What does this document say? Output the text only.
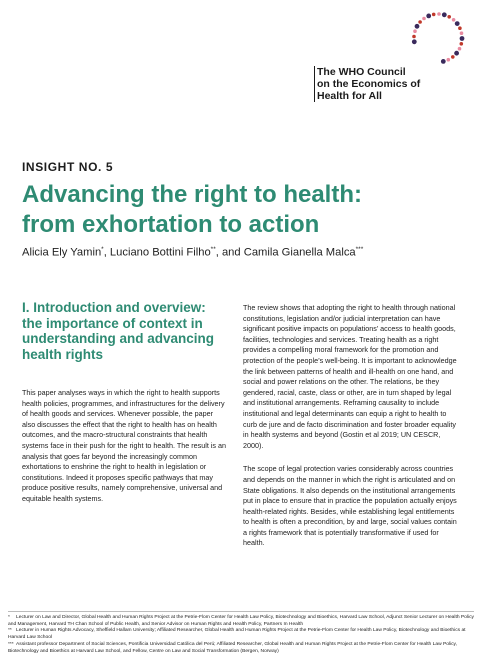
The WHO Council
on the Economics of
Health for All
INSIGHT NO. 5
Advancing the right to health:
from exhortation to action
Alicia Ely Yamin*, Luciano Bottini Filho**, and Camila Gianella Malca***
I. Introduction and overview: the importance of context in understanding and advancing health rights
This paper analyses ways in which the right to health supports health policies, programmes, and infrastructures for the delivery of health goods and services. Whenever possible, the paper also discusses the effect that the right to health has on health outcomes, and the macro-structural constraints that health systems face in their push for the right to health. The result is an analysis that goes far beyond the increasingly common exhortations to enshrine the right to health in legislation or constitutions. Indeed it proposes specific pathways that may produce positive results, namely comprehensive, universal and equitable health systems.

The review shows that adopting the right to health through national constitutions, legislation and/or judicial interpretation can have significant positive impacts on populations’ access to health goods, facilities, technologies and services. Treating health as a right provides a compelling moral framework for the promotion and protection of the people’s well-being. It is important to acknowledge the link between patterns of health and ill-health on one hand, and social and power relations on the other. The relations, be they gendered, racial, caste, class or other, are in turn shaped by legal and institutional arrangements. Reframing causality to include institutional and legal determinants can equip a right to health to curb de jure and de facto discrimination and foster broader equality in health systems and beyond (Gostin et al 2019; UN CESCR, 2000).

The scope of legal protection varies considerably across countries and depends on the manner in which the right is articulated and on State obligations. It also depends on the institutional arrangements put in place to ensure that in practice the population actually enjoys health-related rights. Besides, while establishing legal entitlements to health is often a precondition, by and large, social values contain a rights framework that is potentially transformative if used for health.

* Lecturer on Law and Director, Global Health and Human Rights Project at the Petrie-Flom Center for Health Law Policy, Biotechnology and Bioethics, Harvard Law School, Adjunct Senior Lecturer on Health Policy and Management, Harvard TH Chan School of Public Health, and Senior Advisor on Human Rights and Health Policy, Partners In Health
** Lecturer in Human Rights Advocacy, Sheffield Hallam University; Affiliated Researcher, Global Health and Human Rights Project at the Petrie-Flom Center for Health Law Policy, Biotechnology and Bioethics at Harvard Law School
*** Assistant professor Department of Social Sciences, Pontificia Universidad Católica del Perú; Affiliated Researcher, Global Health and Human Rights Project at the Petrie-Flom Center for Health Law Policy, Biotechnology and Bioethics at Harvard Law School, and Fellow, Centre on Law and Social Transformation (Bergen, Norway)
